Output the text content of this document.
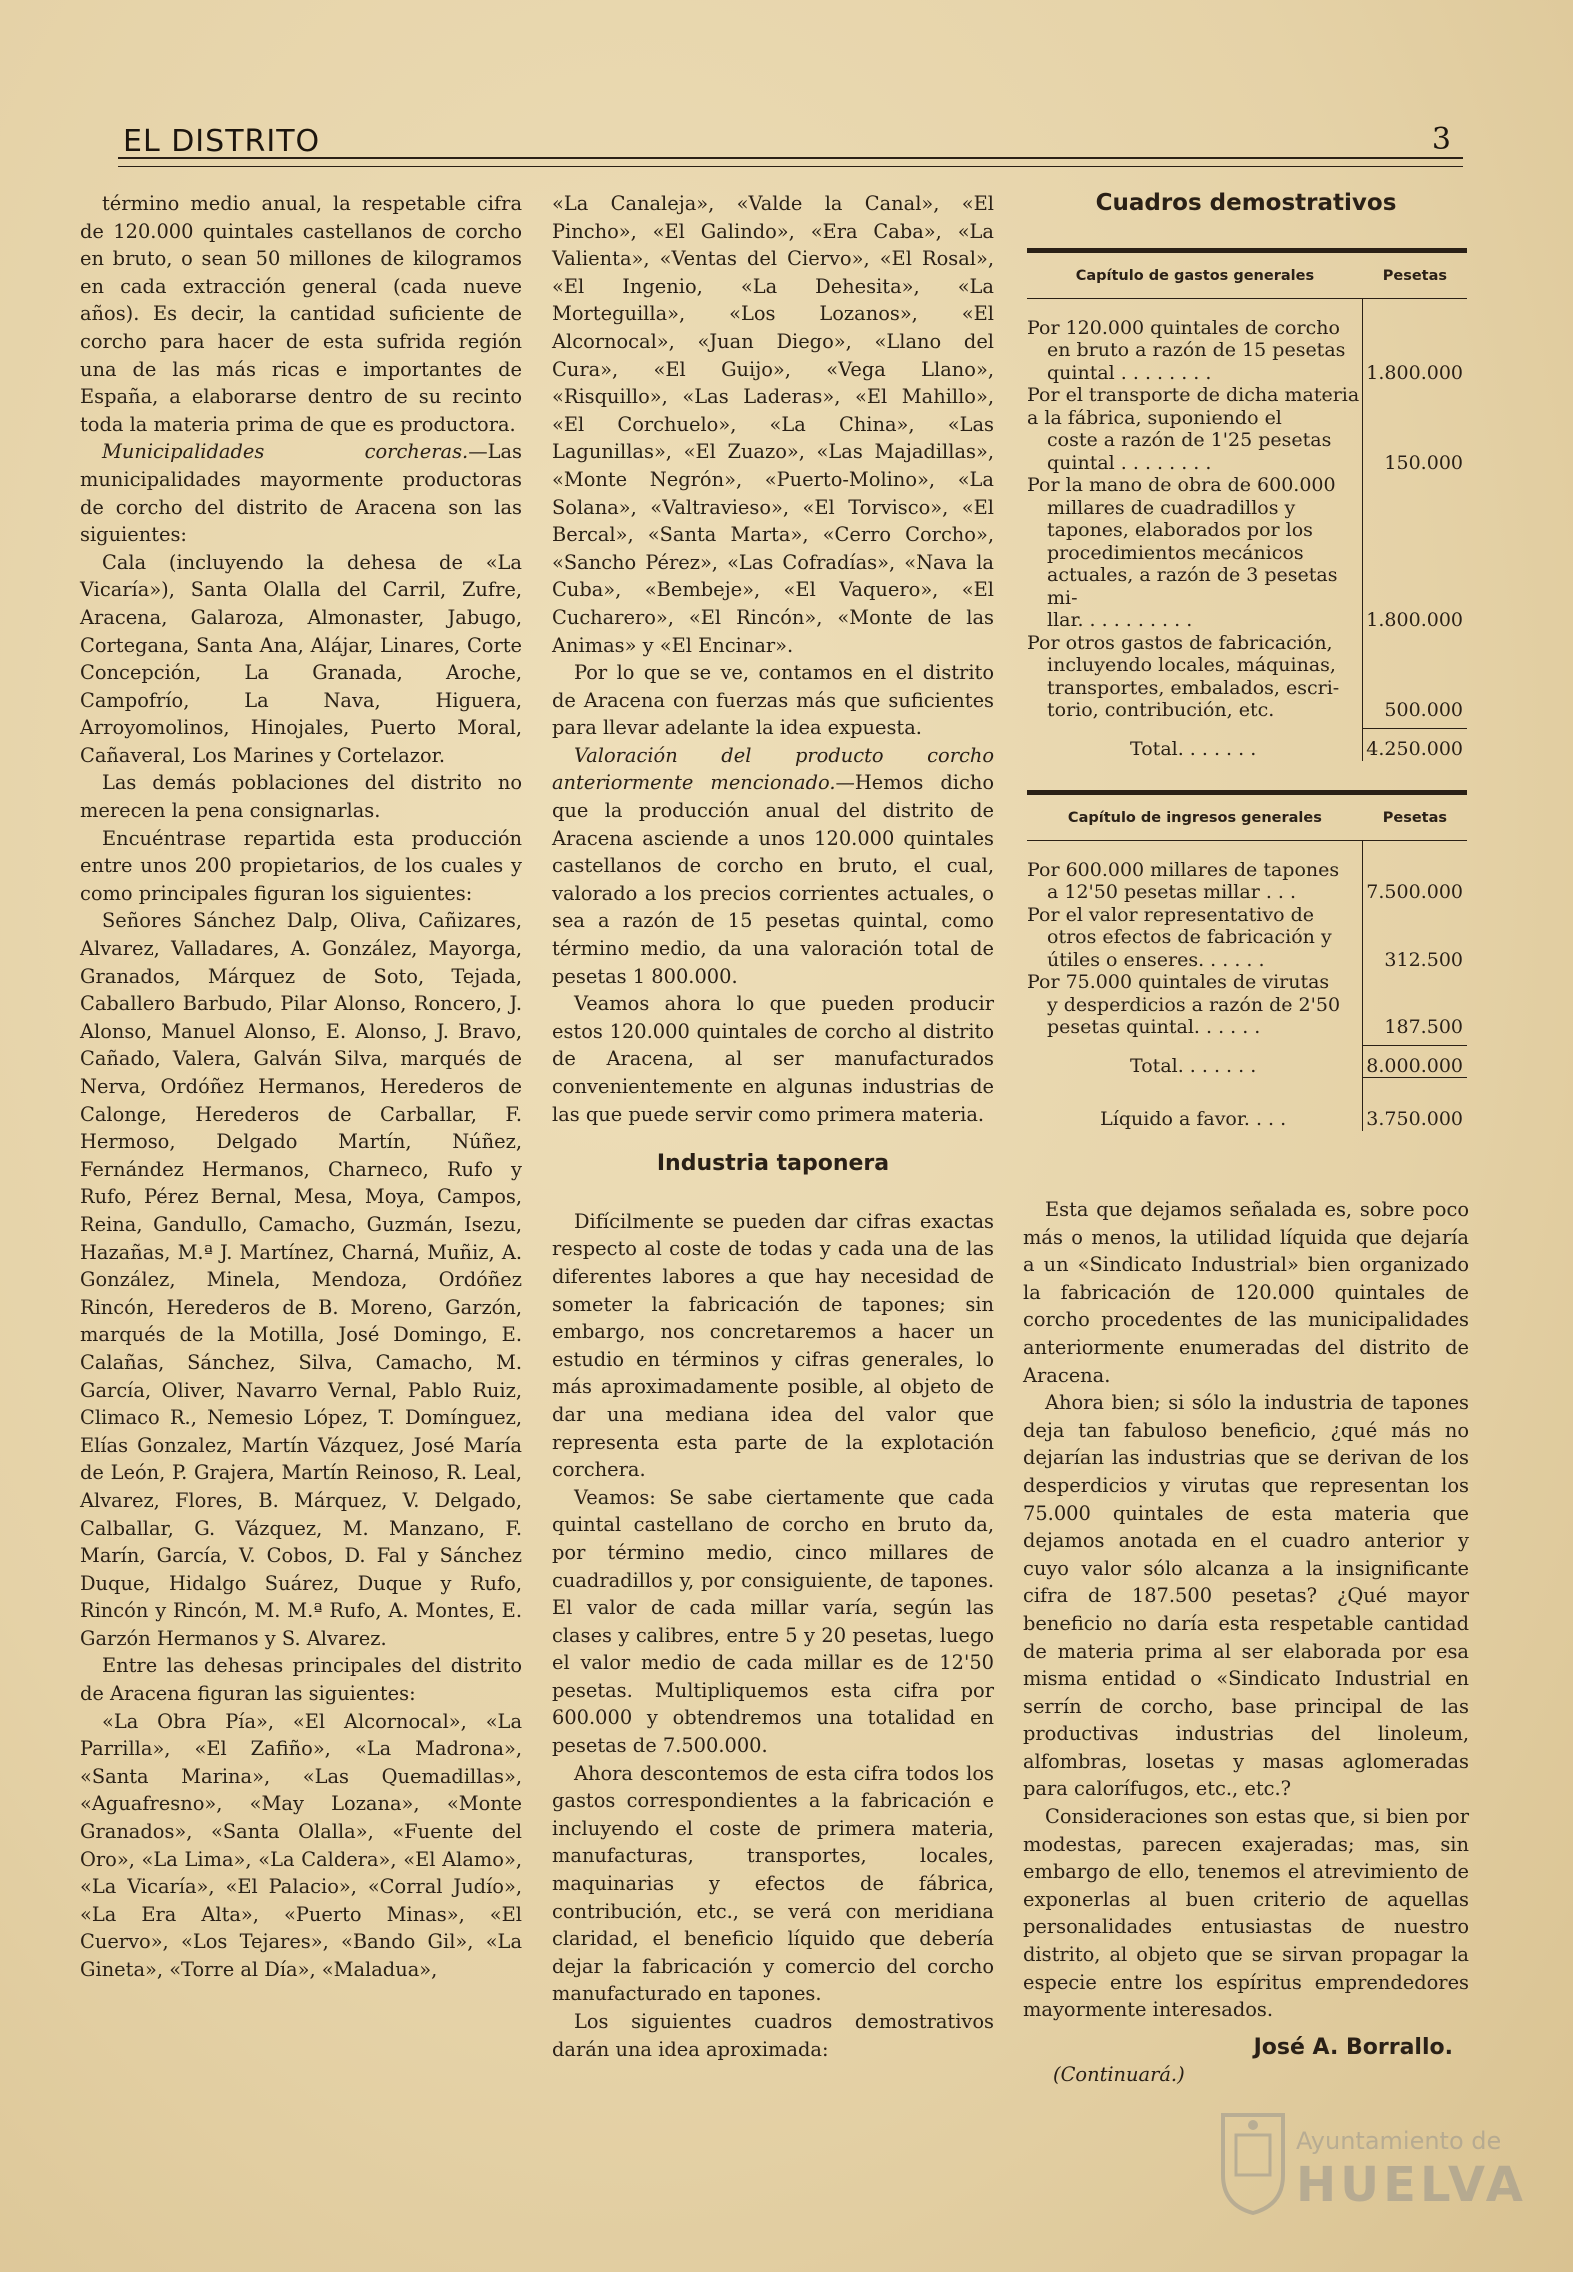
EL DISTRITO	3

término medio anual, la respetable cifra de 120.000 quintales castellanos de corcho en bruto, o sean 50 millones de kilogramos en cada extracción general (cada nueve años). Es decir, la cantidad suficiente de corcho para hacer de esta sufrida región una de las más ricas e importantes de España, a elaborarse dentro de su recinto toda la materia prima de que es productora.

Municipalidades corcheras.—Las municipalidades mayormente productoras de corcho del distrito de Aracena son las siguientes:

Cala (incluyendo la dehesa de «La Vicaría»), Santa Olalla del Carril, Zufre, Aracena, Galaroza, Almonaster, Jabugo, Cortegana, Santa Ana, Alájar, Linares, Corte Concepción, La Granada, Aroche, Campofrío, La Nava, Higuera, Arroyomolinos, Hinojales, Puerto Moral, Cañaveral, Los Marines y Cortelazor.

Las demás poblaciones del distrito no merecen la pena consignarlas.

Encuéntrase repartida esta producción entre unos 200 propietarios, de los cuales y como principales figuran los siguientes:

Señores Sánchez Dalp, Oliva, Cañizares, Alvarez, Valladares, A. González, Mayorga, Granados, Márquez de Soto, Tejada, Caballero Barbudo, Pilar Alonso, Roncero, J. Alonso, Manuel Alonso, E. Alonso, J. Bravo, Cañado, Valera, Galván Silva, marqués de Nerva, Ordóñez Hermanos, Herederos de Calonge, Herederos de Carballar, F. Hermoso, Delgado Martín, Núñez, Fernández Hermanos, Charneco, Rufo y Rufo, Pérez Bernal, Mesa, Moya, Campos, Reina, Gandullo, Camacho, Guzmán, Isezu, Hazañas, M.ª J. Martínez, Charná, Muñiz, A. González, Minela, Mendoza, Ordóñez Rincón, Herederos de B. Moreno, Garzón, marqués de la Motilla, José Domingo, E. Calañas, Sánchez, Silva, Camacho, M. García, Oliver, Navarro Vernal, Pablo Ruiz, Climaco R., Nemesio López, T. Domínguez, Elías Gonzalez, Martín Vázquez, José María de León, P. Grajera, Martín Reinoso, R. Leal, Alvarez, Flores, B. Márquez, V. Delgado, Calballar, G. Vázquez, M. Manzano, F. Marín, García, V. Cobos, D. Fal y Sánchez Duque, Hidalgo Suárez, Duque y Rufo, Rincón y Rincón, M. M.ª Rufo, A. Montes, E. Garzón Hermanos y S. Alvarez.

Entre las dehesas principales del distrito de Aracena figuran las siguientes:

«La Obra Pía», «El Alcornocal», «La Parrilla», «El Zafiño», «La Madrona», «Santa Marina», «Las Quemadillas», «Aguafresno», «May Lozana», «Monte Granados», «Santa Olalla», «Fuente del Oro», «La Lima», «La Caldera», «El Alamo», «La Vicaría», «El Palacio», «Corral Judío», «La Era Alta», «Puerto Minas», «El Cuervo», «Los Tejares», «Bando Gil», «La Gineta», «Torre al Día», «Maladua»,

«La Canaleja», «Valde la Canal», «El Pincho», «El Galindo», «Era Caba», «La Valienta», «Ventas del Ciervo», «El Rosal», «El Ingenio, «La Dehesita», «La Morteguilla», «Los Lozanos», «El Alcornocal», «Juan Diego», «Llano del Cura», «El Guijo», «Vega Llano», «Risquillo», «Las Laderas», «El Mahillo», «El Corchuelo», «La China», «Las Lagunillas», «El Zuazo», «Las Majadillas», «Monte Negrón», «Puerto-Molino», «La Solana», «Valtravieso», «El Torvisco», «El Bercal», «Santa Marta», «Cerro Corcho», «Sancho Pérez», «Las Cofradías», «Nava la Cuba», «Bembeje», «El Vaquero», «El Cucharero», «El Rincón», «Monte de las Animas» y «El Encinar».

Por lo que se ve, contamos en el distrito de Aracena con fuerzas más que suficientes para llevar adelante la idea expuesta.

Valoración del producto corcho anteriormente mencionado.—Hemos dicho que la producción anual del distrito de Aracena asciende a unos 120.000 quintales castellanos de corcho en bruto, el cual, valorado a los precios corrientes actuales, o sea a razón de 15 pesetas quintal, como término medio, da una valoración total de pesetas 1 800.000.

Veamos ahora lo que pueden producir estos 120.000 quintales de corcho al distrito de Aracena, al ser manufacturados convenientemente en algunas industrias de las que puede servir como primera materia.

Industria taponera

Difícilmente se pueden dar cifras exactas respecto al coste de todas y cada una de las diferentes labores a que hay necesidad de someter la fabricación de tapones; sin embargo, nos concretaremos a hacer un estudio en términos y cifras generales, lo más aproximadamente posible, al objeto de dar una mediana idea del valor que representa esta parte de la explotación corchera.

Veamos: Se sabe ciertamente que cada quintal castellano de corcho en bruto da, por término medio, cinco millares de cuadradillos y, por consiguiente, de tapones. El valor de cada millar varía, según las clases y calibres, entre 5 y 20 pesetas, luego el valor medio de cada millar es de 12'50 pesetas. Multipliquemos esta cifra por 600.000 y obtendremos una totalidad en pesetas de 7.500.000.

Ahora descontemos de esta cifra todos los gastos correspondientes a la fabricación e incluyendo el coste de primera materia, manufacturas, transportes, locales, maquinarias y efectos de fábrica, contribución, etc., se verá con meridiana claridad, el beneficio líquido que debería dejar la fabricación y comercio del corcho manufacturado en tapones.

Los siguientes cuadros demostrativos darán una idea aproximada:

Cuadros demostrativos
Capítulo de gastos generales	Pesetas

Por 120.000 quintales de corcho
en bruto a razón de 15 pesetas
quintal . . . . . . . .	1.800.000

Por el transporte de dicha materia a la fábrica, suponiendo el
coste a razón de 1'25 pesetas
quintal . . . . . . . .	150.000

Por la mano de obra de 600.000
millares de cuadradillos y tapones, elaborados por los procedimientos mecánicos actuales, a razón de 3 pesetas mi-
llar. . . . . . . . . .	1.800.000

Por otros gastos de fabricación,
incluyendo locales, máquinas, transportes, embalados, escri-
torio, contribución, etc.	500.000

Total. . . . . . .	4.250.000
Capítulo de ingresos generales	Pesetas

Por 600.000 millares de tapones
a 12'50 pesetas millar . . .	7.500.000

Por el valor representativo de
otros efectos de fabricación y
útiles o enseres. . . . . .	312.500

Por 75.000 quintales de virutas
y desperdicios a razón de 2'50
pesetas quintal. . . . . .	187.500

Total. . . . . . .	8.000.000
Líquido a favor. . . .	3.750.000

Esta que dejamos señalada es, sobre poco más o menos, la utilidad líquida que dejaría a un «Sindicato Industrial» bien organizado la fabricación de 120.000 quintales de corcho procedentes de las municipalidades anteriormente enumeradas del distrito de Aracena.

Ahora bien; si sólo la industria de tapones deja tan fabuloso beneficio, ¿qué más no dejarían las industrias que se derivan de los desperdicios y virutas que representan los 75.000 quintales de esta materia que dejamos anotada en el cuadro anterior y cuyo valor sólo alcanza a la insignificante cifra de 187.500 pesetas? ¿Qué mayor beneficio no daría esta respetable cantidad de materia prima al ser elaborada por esa misma entidad o «Sindicato Industrial en serrín de corcho, base principal de las productivas industrias del linoleum, alfombras, losetas y masas aglomeradas para calorífugos, etc., etc.?

Consideraciones son estas que, si bien por modestas, parecen exajeradas; mas, sin embargo de ello, tenemos el atrevimiento de exponerlas al buen criterio de aquellas personalidades entusiastas de nuestro distrito, al objeto que se sirvan propagar la especie entre los espíritus emprendedores mayormente interesados.

José A. Borrallo.

(Continuará.)

Ayuntamiento de
HUELVA
